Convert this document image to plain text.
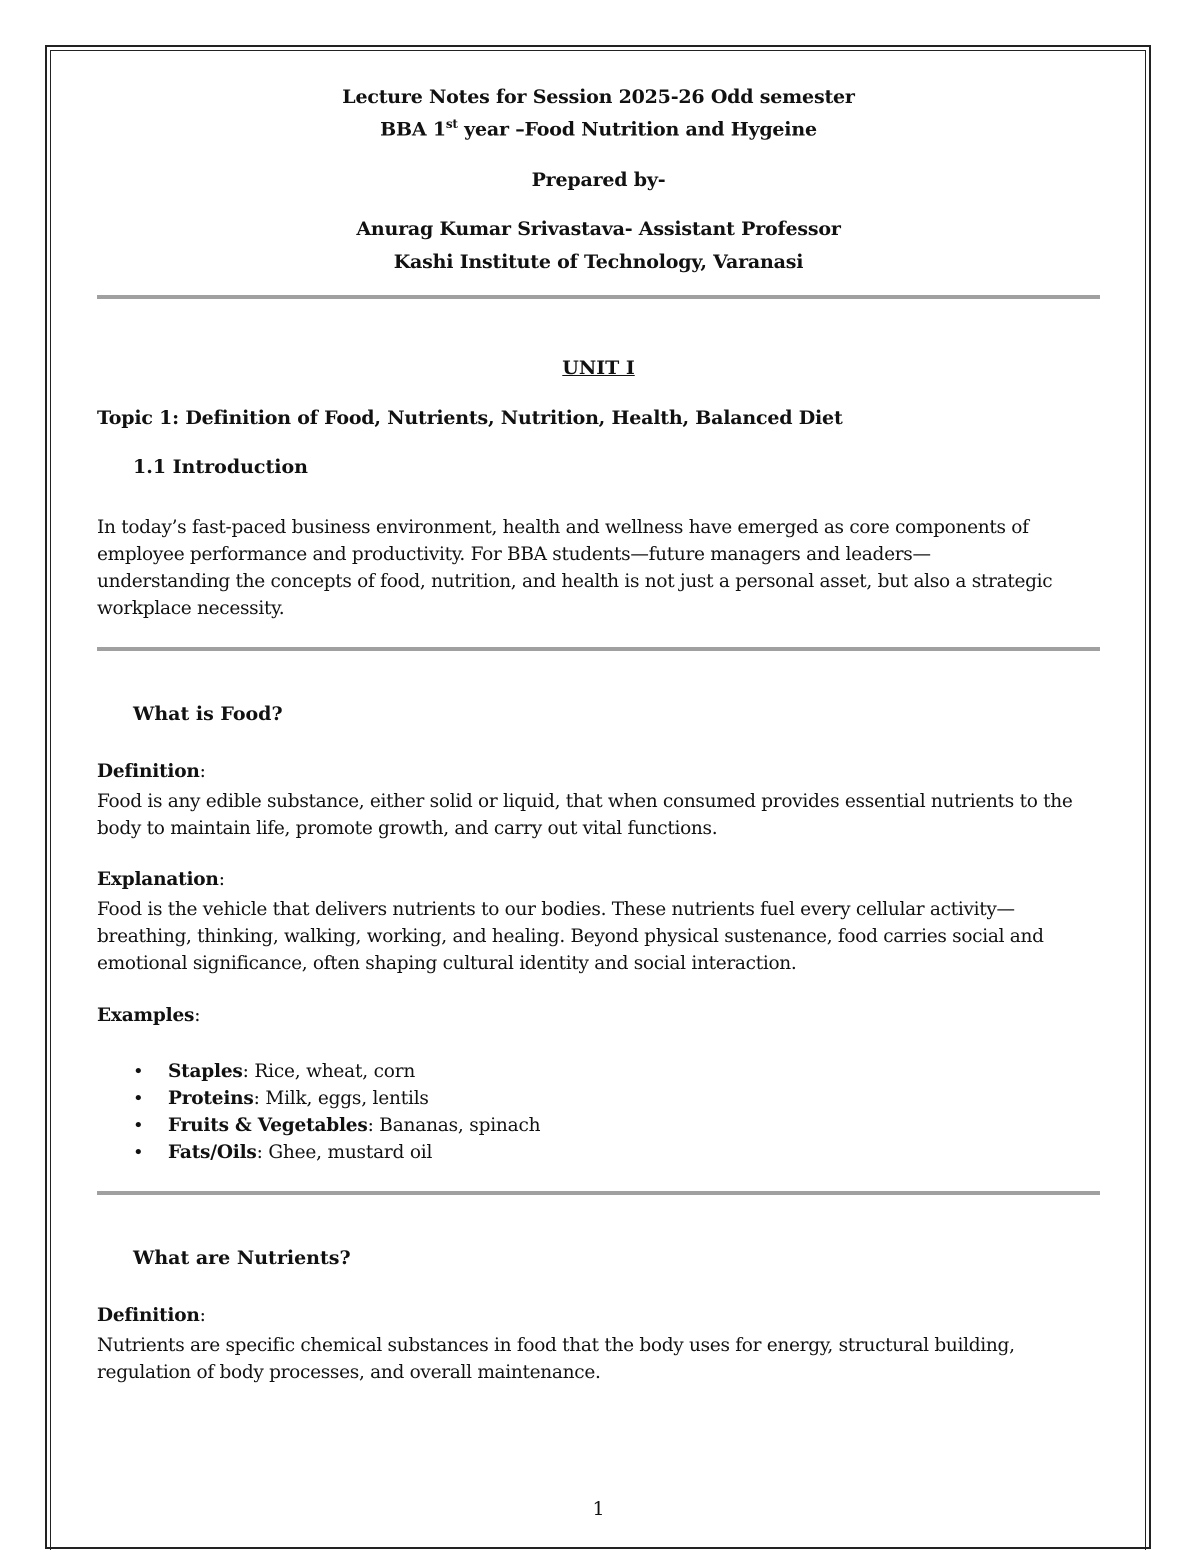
Lecture Notes for Session 2025-26 Odd semester
BBA 1st year –Food Nutrition and Hygeine
Prepared by-
Anurag Kumar Srivastava- Assistant Professor
Kashi Institute of Technology, Varanasi
UNIT I
Topic 1: Definition of Food, Nutrients, Nutrition, Health, Balanced Diet
1.1 Introduction
In today’s fast-paced business environment, health and wellness have emerged as core components of
employee performance and productivity. For BBA students—future managers and leaders—
understanding the concepts of food, nutrition, and health is not just a personal asset, but also a strategic
workplace necessity.
What is Food?
Definition:
Food is any edible substance, either solid or liquid, that when consumed provides essential nutrients to the
body to maintain life, promote growth, and carry out vital functions.
Explanation:
Food is the vehicle that delivers nutrients to our bodies. These nutrients fuel every cellular activity—
breathing, thinking, walking, working, and healing. Beyond physical sustenance, food carries social and
emotional significance, often shaping cultural identity and social interaction.
Examples:
• Staples: Rice, wheat, corn
• Proteins: Milk, eggs, lentils
• Fruits & Vegetables: Bananas, spinach
• Fats/Oils: Ghee, mustard oil
What are Nutrients?
Definition:
Nutrients are specific chemical substances in food that the body uses for energy, structural building,
regulation of body processes, and overall maintenance.
1
